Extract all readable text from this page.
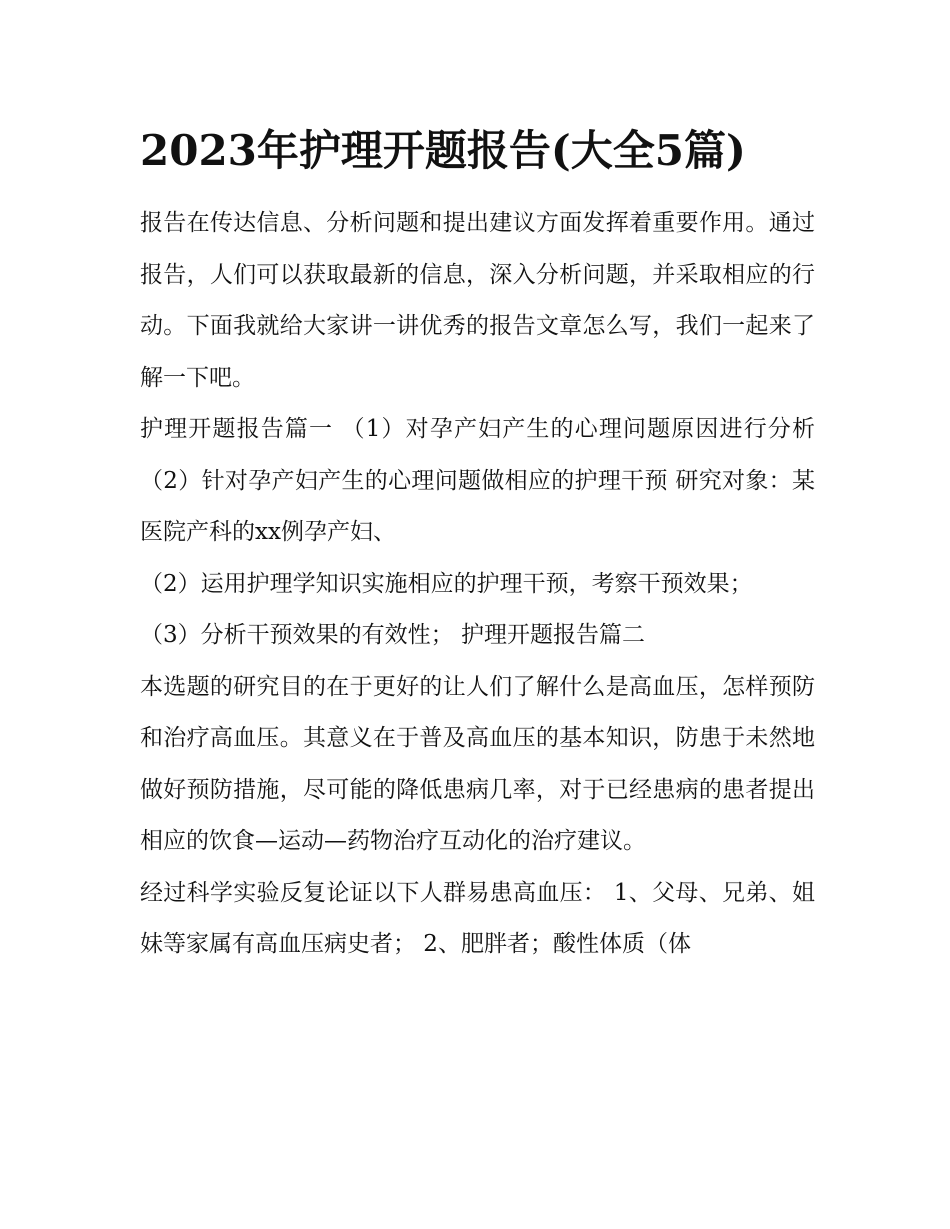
2023年护理开题报告(大全5篇)

报告在传达信息、分析问题和提出建议方面发挥着重要作用。通过报告，人们可以获取最新的信息，深入分析问题，并采取相应的行动。下面我就给大家讲一讲优秀的报告文章怎么写，我们一起来了解一下吧。

护理开题报告篇一 （1）对孕产妇产生的心理问题原因进行分析 （2）针对孕产妇产生的心理问题做相应的护理干预 研究对象：某医院产科的xx例孕产妇、

（2）运用护理学知识实施相应的护理干预，考察干预效果；

（3）分析干预效果的有效性； 护理开题报告篇二

本选题的研究目的在于更好的让人们了解什么是高血压，怎样预防和治疗高血压。其意义在于普及高血压的基本知识，防患于未然地做好预防措施，尽可能的降低患病几率，对于已经患病的患者提出相应的饮食—运动—药物治疗互动化的治疗建议。

经过科学实验反复论证以下人群易患高血压： 1、父母、兄弟、姐妹等家属有高血压病史者； 2、肥胖者；酸性体质（体
